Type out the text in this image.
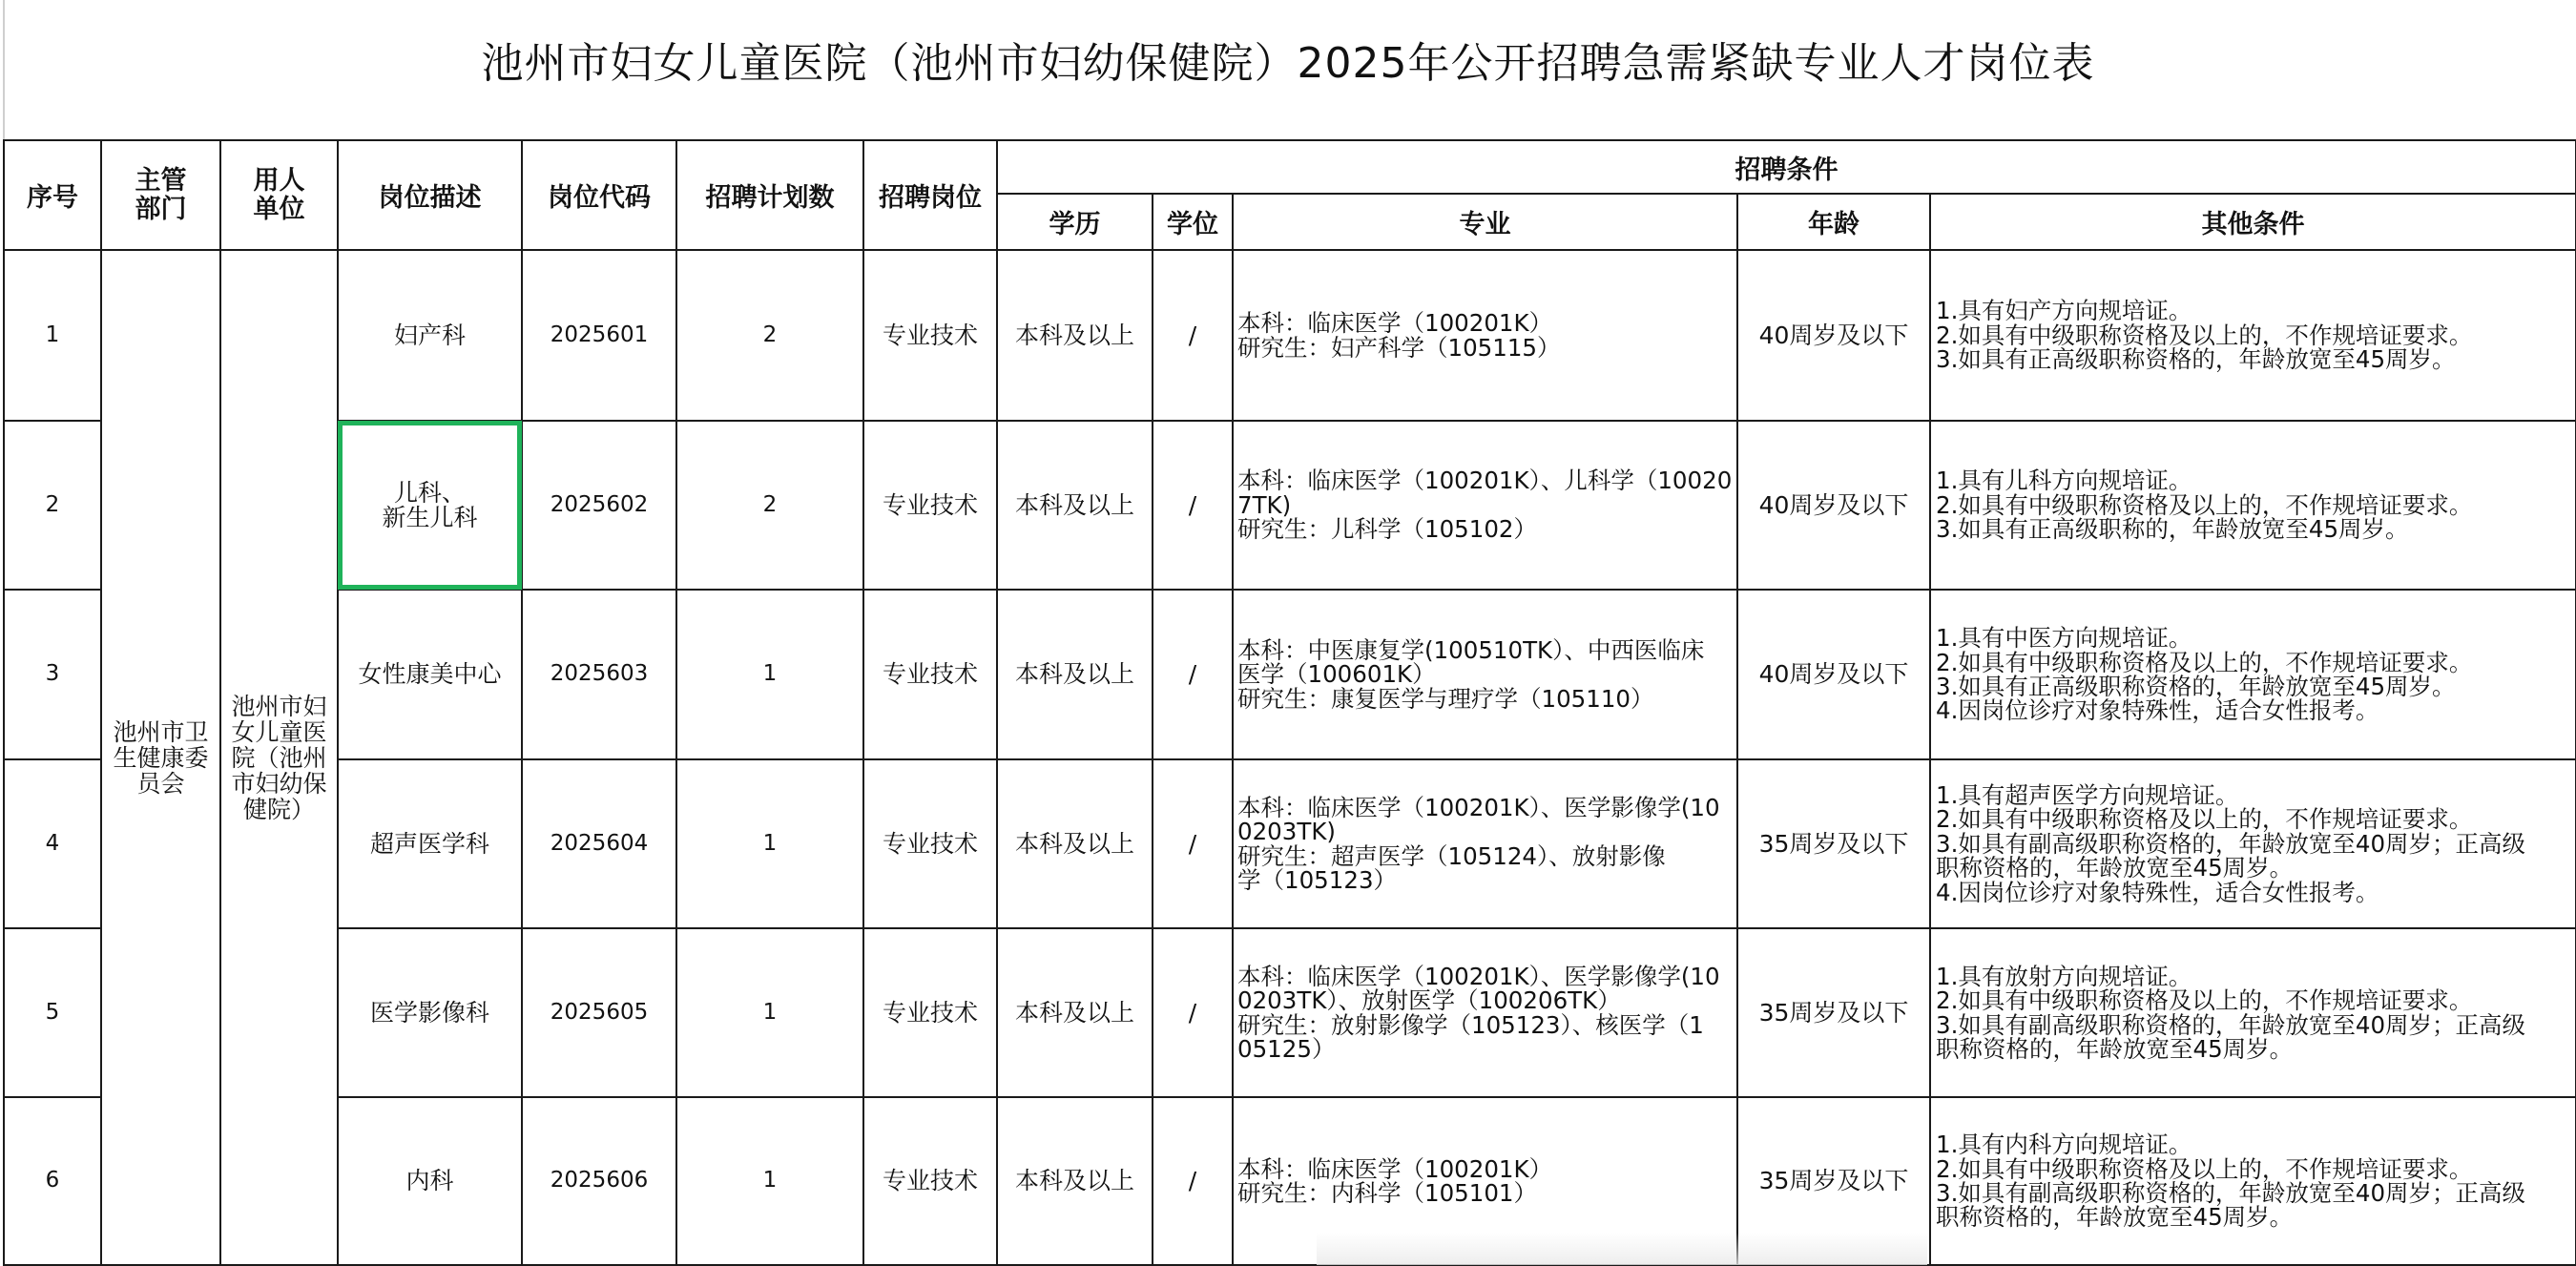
池州市妇女儿童医院（池州市妇幼保健院）2025年公开招聘急需紧缺专业人才岗位表
序号	主管部门	用人单位	岗位描述	岗位代码	招聘计划数	招聘岗位	招聘条件				
							学历	学位	专业	年龄	其他条件
1	池州市卫生健康委员会	池州市妇女儿童医院（池州市妇幼保健院）	妇产科	2025601	2	专业技术	本科及以上	/	本科：临床医学（100201K）
研究生：妇产科学（105115）	40周岁及以下	1.具有妇产方向规培证。
2.如具有中级职称资格及以上的，不作规培证要求。
3.如具有正高级职称资格的，年龄放宽至45周岁。
2			儿科、
新生儿科	2025602	2	专业技术	本科及以上	/	本科：临床医学（100201K）、儿科学（10020
7TK)
研究生：儿科学（105102）	40周岁及以下	1.具有儿科方向规培证。
2.如具有中级职称资格及以上的，不作规培证要求。
3.如具有正高级职称的，年龄放宽至45周岁。
3			女性康美中心	2025603	1	专业技术	本科及以上	/	本科：中医康复学(100510TK）、中西医临床
医学（100601K）
研究生：康复医学与理疗学（105110）	40周岁及以下	1.具有中医方向规培证。
2.如具有中级职称资格及以上的，不作规培证要求。
3.如具有正高级职称资格的，年龄放宽至45周岁。
4.因岗位诊疗对象特殊性，适合女性报考。
4			超声医学科	2025604	1	专业技术	本科及以上	/	本科：临床医学（100201K）、医学影像学(10
0203TK)
研究生：超声医学（105124）、放射影像
学（105123）	35周岁及以下	1.具有超声医学方向规培证。
2.如具有中级职称资格及以上的，不作规培证要求。
3.如具有副高级职称资格的，年龄放宽至40周岁；正高级
职称资格的，年龄放宽至45周岁。
4.因岗位诊疗对象特殊性，适合女性报考。
5			医学影像科	2025605	1	专业技术	本科及以上	/	本科：临床医学（100201K）、医学影像学(10
0203TK）、放射医学（100206TK）
研究生：放射影像学（105123）、核医学（1
05125）	35周岁及以下	1.具有放射方向规培证。
2.如具有中级职称资格及以上的，不作规培证要求。
3.如具有副高级职称资格的，年龄放宽至40周岁；正高级
职称资格的，年龄放宽至45周岁。
6			内科	2025606	1	专业技术	本科及以上	/	本科：临床医学（100201K）
研究生：内科学（105101）	35周岁及以下	1.具有内科方向规培证。
2.如具有中级职称资格及以上的，不作规培证要求。
3.如具有副高级职称资格的，年龄放宽至40周岁；正高级
职称资格的，年龄放宽至45周岁。
